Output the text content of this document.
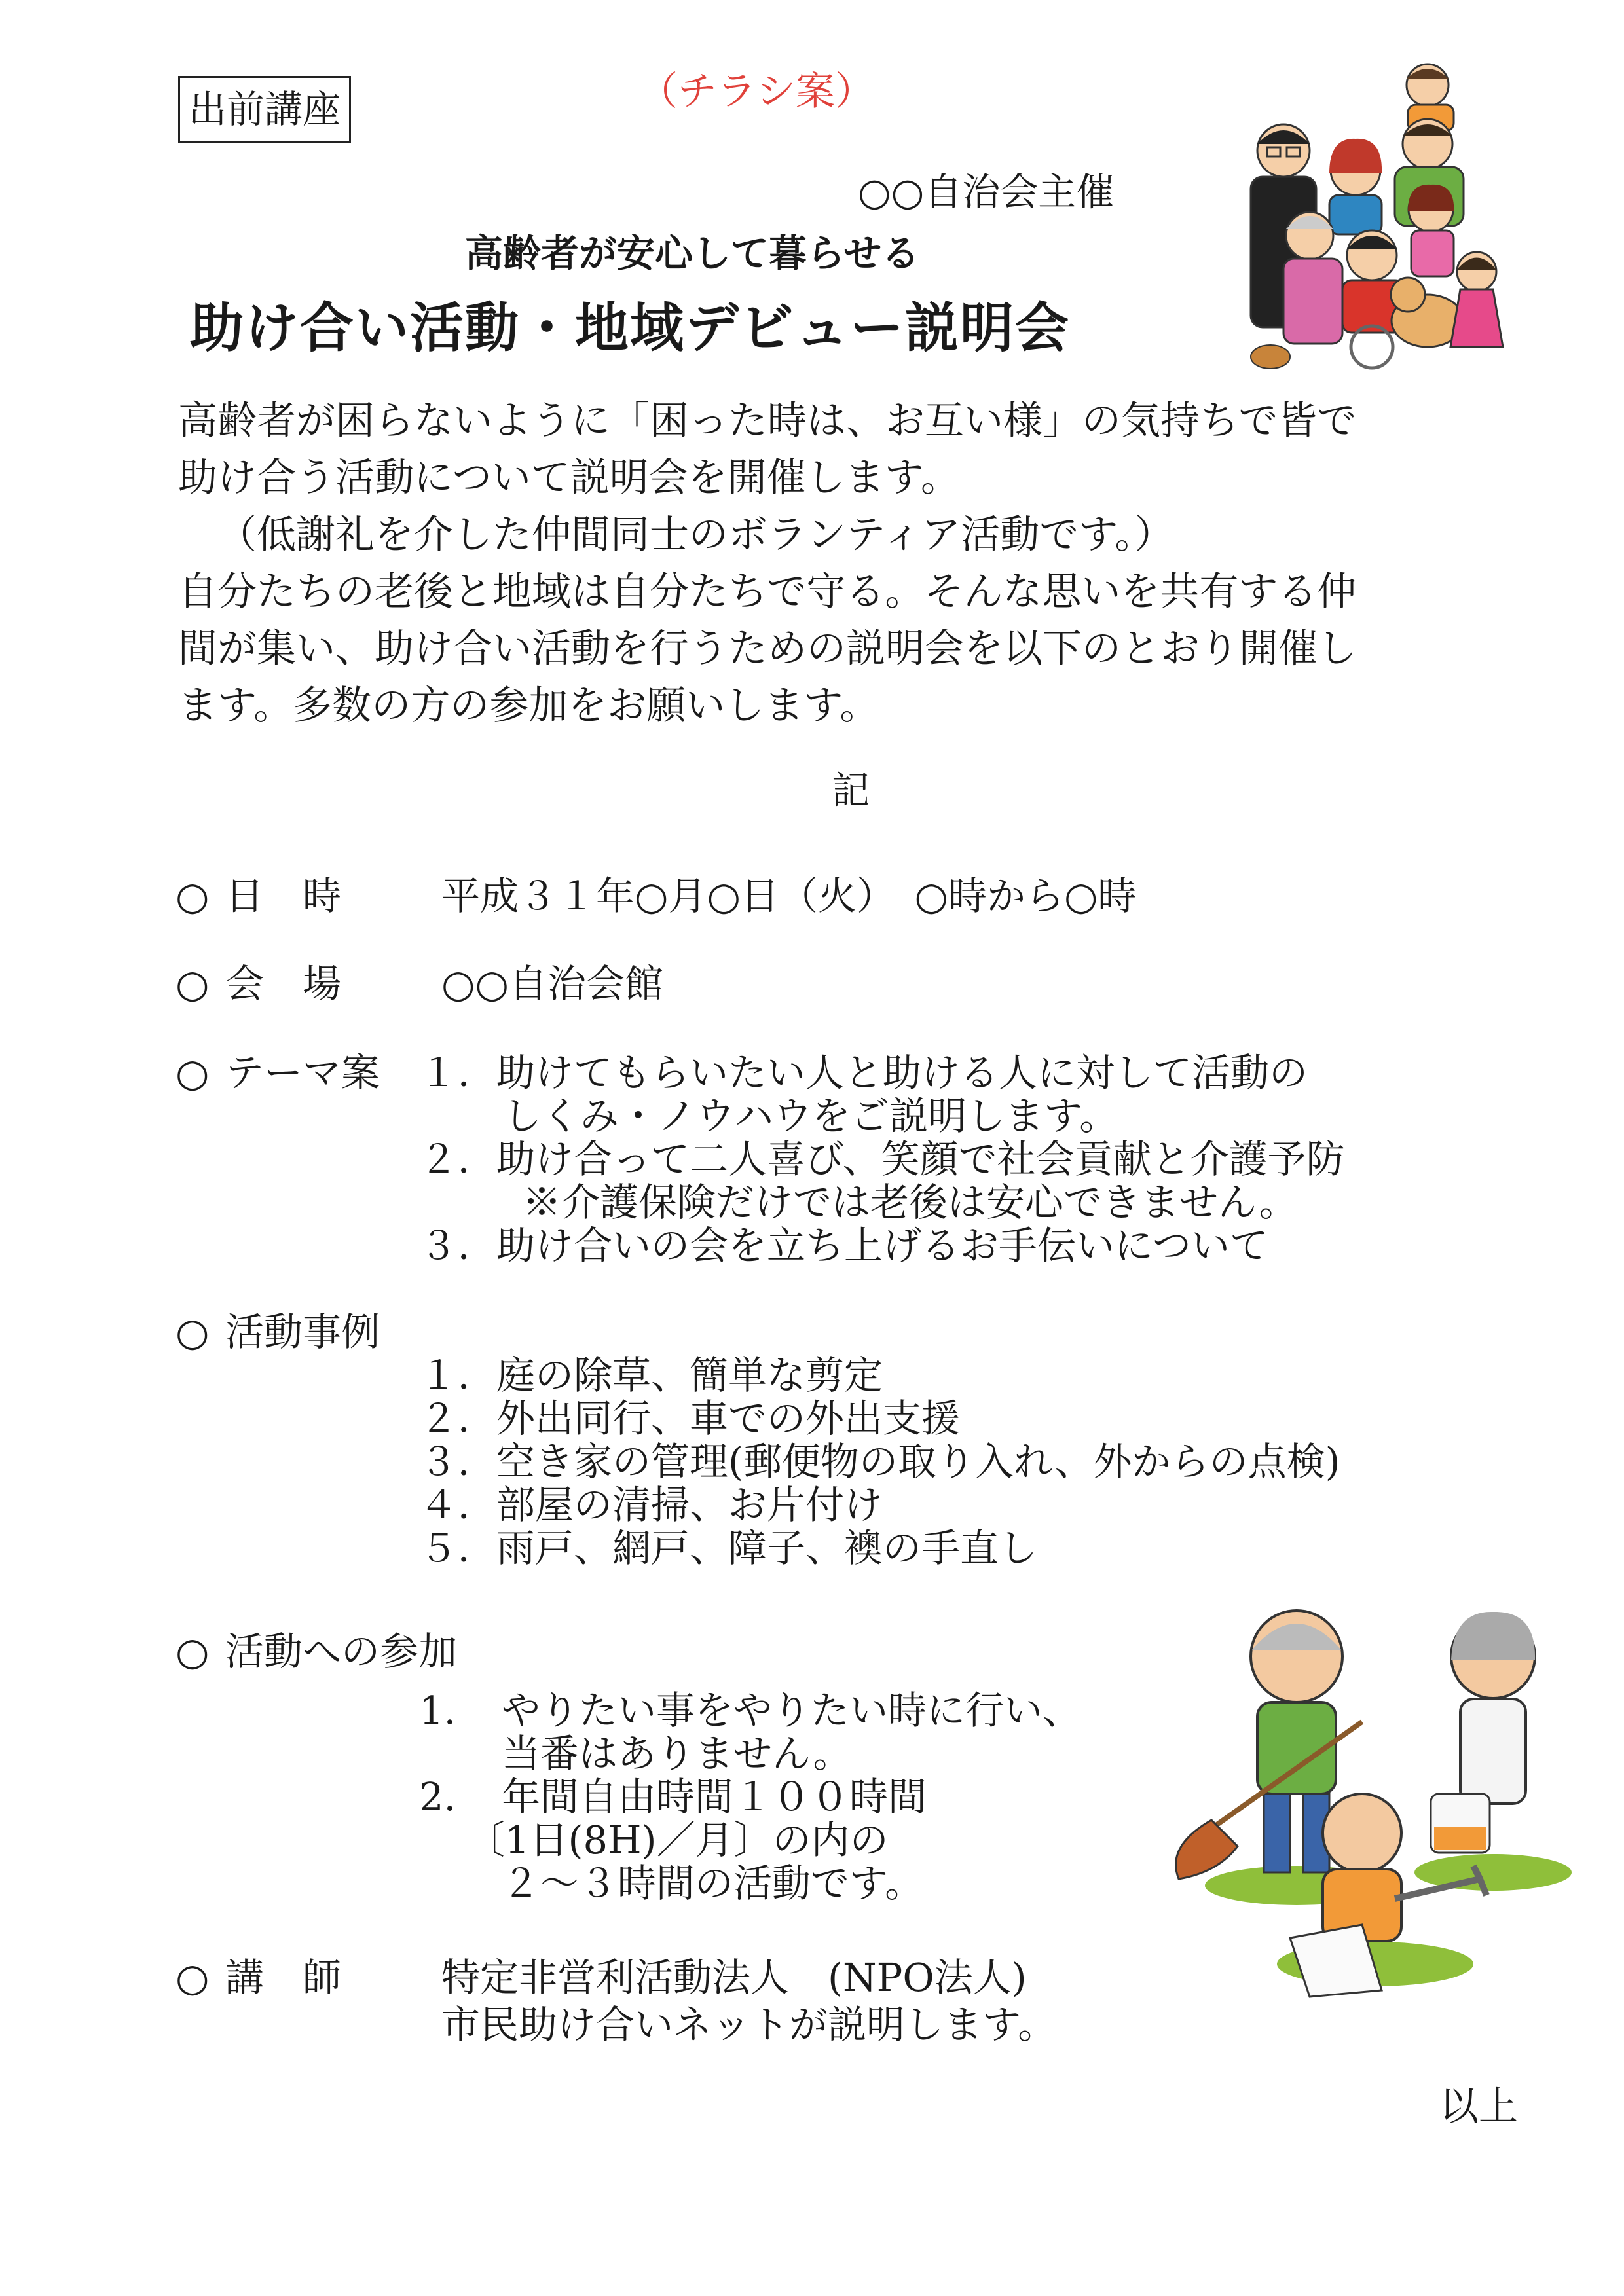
出前講座	（チラシ案）
○○自治会主催
高齢者が安心して暮らせる
助け合い活動・地域デビュー説明会
高齢者が困らないように「困った時は、お互い様」の気持ちで皆で
助け合う活動について説明会を開催します。
　（低謝礼を介した仲間同士のボランティア活動です。）
自分たちの老後と地域は自分たちで守る。そんな思いを共有する仲
間が集い、助け合い活動を行うための説明会を以下のとおり開催し
ます。多数の方の参加をお願いします。
記
○ 日　時	平成３１年○月○日（火）　○時から○時
○ 会　場	○○自治会館
○ テーマ案 １．助けてもらいたい人と助ける人に対して活動の
しくみ・ノウハウをご説明します。
２．助け合って二人喜び、笑顔で社会貢献と介護予防
※介護保険だけでは老後は安心できません。
３．助け合いの会を立ち上げるお手伝いについて
○ 活動事例
１．庭の除草、簡単な剪定
２．外出同行、車での外出支援
３．空き家の管理(郵便物の取り入れ、外からの点検)
４．部屋の清掃、お片付け
５．雨戸、網戸、障子、襖の手直し
○ 活動への参加
1. やりたい事をやりたい時に行い、
当番はありません。
2. 年間自由時間１００時間
〔1日(8H)／月〕の内の
２～３時間の活動です。
○ 講　師	特定非営利活動法人　(NPO法人)
市民助け合いネットが説明します。
以上
